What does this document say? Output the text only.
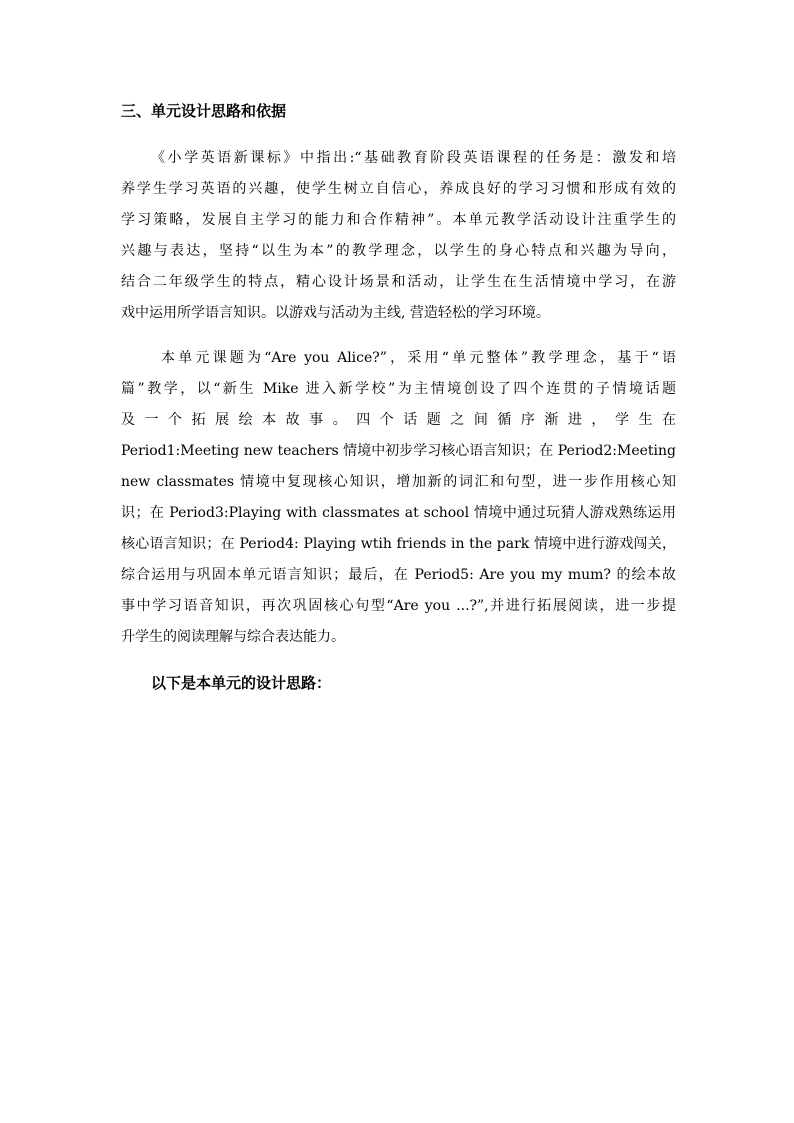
三、单元设计思路和依据
《小学英语新课标》中指出:“基础教育阶段英语课程的任务是：激发和培
养学生学习英语的兴趣，使学生树立自信心，养成良好的学习习惯和形成有效的
学习策略，发展自主学习的能力和合作精神”。本单元教学活动设计注重学生的
兴趣与表达，坚持“以生为本”的教学理念，以学生的身心特点和兴趣为导向，
结合二年级学生的特点，精心设计场景和活动，让学生在生活情境中学习，在游
戏中运用所学语言知识。以游戏与活动为主线, 营造轻松的学习环境。
本单元课题为“Are you Alice?”，采用“单元整体”教学理念，基于“语
篇”教学，以“新生 Mike 进入新学校”为主情境创设了四个连贯的子情境话题
及一个拓展绘本故事。四个话题之间循序渐进，学生在
Period1:Meeting new teachers 情境中初步学习核心语言知识；在 Period2:Meeting
new classmates 情境中复现核心知识，增加新的词汇和句型，进一步作用核心知
识；在 Period3:Playing with classmates at school 情境中通过玩猜人游戏熟练运用
核心语言知识；在 Period4: Playing wtih friends in the park 情境中进行游戏闯关，
综合运用与巩固本单元语言知识；最后，在 Period5: Are you my mum? 的绘本故
事中学习语音知识，再次巩固核心句型“Are you ...?”,并进行拓展阅读，进一步提
升学生的阅读理解与综合表达能力。
以下是本单元的设计思路：
